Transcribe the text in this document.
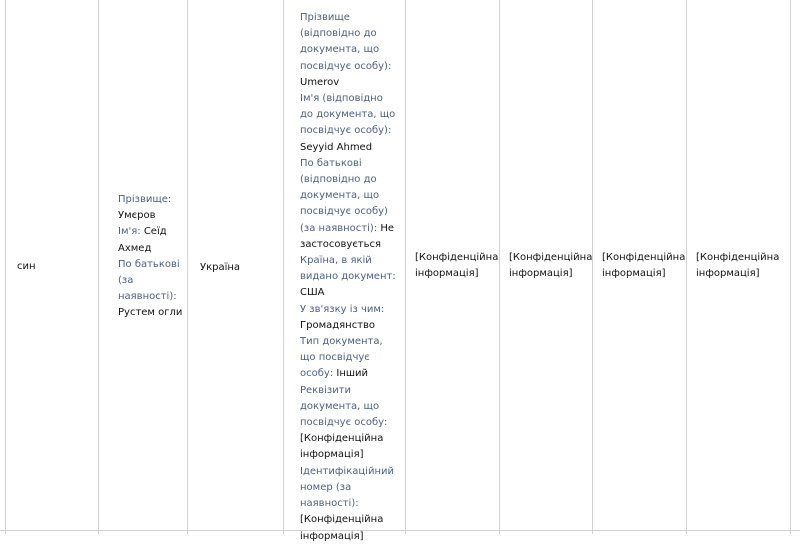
син
Прізвище:
Умєров
Ім'я: Сеїд Ахмед
По батькові (за наявності):
Рустем огли
Україна
Прізвище (відповідно до документа, що посвідчує особу): Umerov
Ім'я (відповідно до документа, що посвідчує особу): Seyyid Ahmed
По батькові (відповідно до документа, що посвідчує особу) (за наявності): Не застосовується
Країна, в якій видано документ: США
У зв'язку із чим:
Громадянство
Тип документа, що посвідчує особу: Інший
Реквізити документа, що посвідчує особу:
[Конфіденційна інформація]
Ідентифікаційний номер (за наявності):
[Конфіденційна інформація]
[Конфіденційна інформація]
[Конфіденційна інформація]
[Конфіденційна інформація]
[Конфіденційна інформація]
